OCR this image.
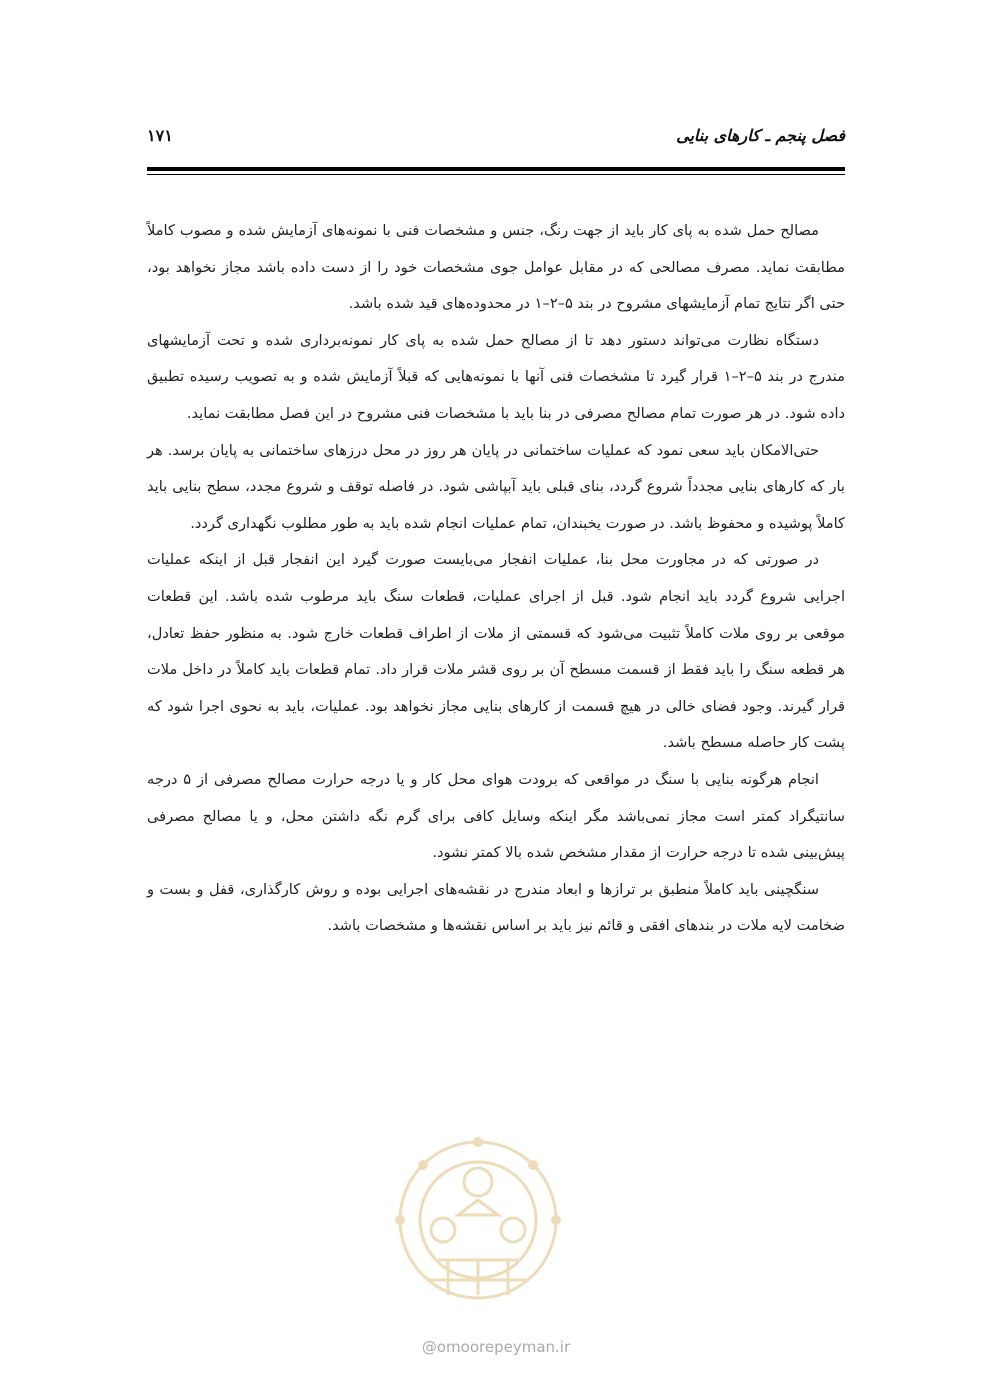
فصل پنجم ـ کارهای بنایی
۱۷۱

مصالح حمل شده به پای کار باید از جهت رنگ، جنس و مشخصات فنی با نمونه‌های آزمایش شده و مصوب کاملاً مطابقت نماید. مصرف مصالحی که در مقابل عوامل جوی مشخصات خود را از دست داده باشد مجاز نخواهد بود، حتی اگر نتایج تمام آزمایشهای مشروح در بند ۵–۲–۱ در محدوده‌های قید شده باشد.

دستگاه نظارت می‌تواند دستور دهد تا از مصالح حمل شده به پای کار نمونه‌برداری شده و تحت آزمایشهای مندرج در بند ۵–۲–۱ قرار گیرد تا مشخصات فنی آنها با نمونه‌هایی که قبلاً آزمایش شده و به تصویب رسیده تطبیق داده شود. در هر صورت تمام مصالح مصرفی در بنا باید با مشخصات فنی مشروح در این فصل مطابقت نماید.

حتی‌الامکان باید سعی نمود که عملیات ساختمانی در پایان هر روز در محل درزهای ساختمانی به پایان برسد. هر بار که کارهای بنایی مجدداً شروع گردد، بنای قبلی باید آبپاشی شود. در فاصله توقف و شروع مجدد، سطح بنایی باید کاملاً پوشیده و محفوظ باشد. در صورت یخبندان، تمام عملیات انجام شده باید به طور مطلوب نگهداری گردد.

در صورتی که در مجاورت محل بنا، عملیات انفجار می‌بایست صورت گیرد این انفجار قبل از اینکه عملیات اجرایی شروع گردد باید انجام شود. قبل از اجرای عملیات، قطعات سنگ باید مرطوب شده باشد. این قطعات موقعی بر روی ملات کاملاً تثبیت می‌شود که قسمتی از ملات از اطراف قطعات خارج شود. به منظور حفظ تعادل، هر قطعه سنگ را باید فقط از قسمت مسطح آن بر روی قشر ملات قرار داد. تمام قطعات باید کاملاً در داخل ملات قرار گیرند. وجود فضای خالی در هیچ قسمت از کارهای بنایی مجاز نخواهد بود. عملیات، باید به نحوی اجرا شود که پشت کار حاصله مسطح باشد.

انجام هرگونه بنایی با سنگ در مواقعی که برودت هوای محل کار و یا درجه حرارت مصالح مصرفی از ۵ درجه سانتیگراد کمتر است مجاز نمی‌باشد مگر اینکه وسایل کافی برای گرم نگه داشتن محل، و یا مصالح مصرفی پیش‌بینی شده تا درجه حرارت از مقدار مشخص شده بالا کمتر نشود.

سنگچینی باید کاملاً منطبق بر ترازها و ابعاد مندرج در نقشه‌های اجرایی بوده و روش کارگذاری، قفل و بست و ضخامت لایه ملات در بندهای افقی و قائم نیز باید بر اساس نقشه‌ها و مشخصات باشد.

@omoorepeyman.ir
